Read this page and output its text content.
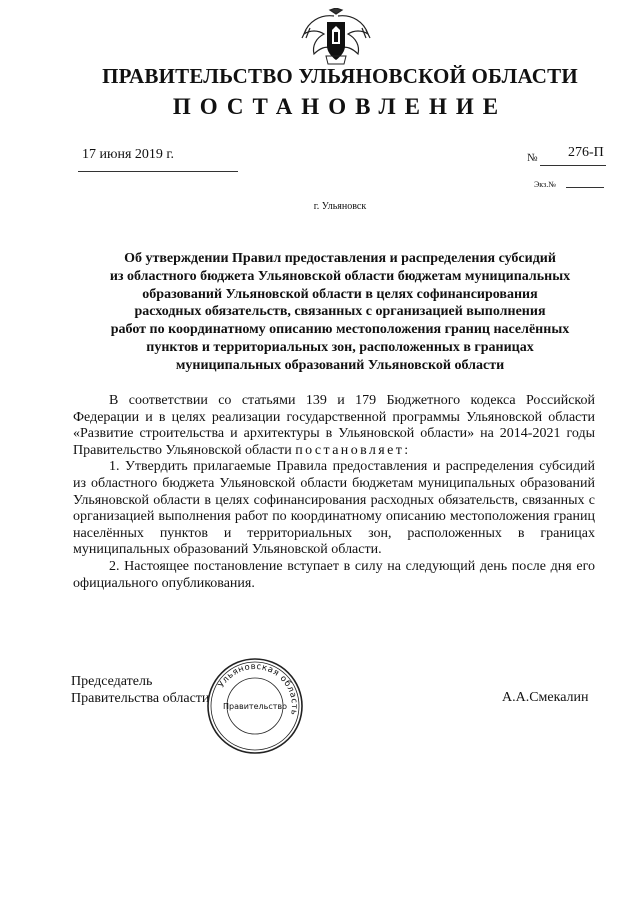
ПРАВИТЕЛЬСТВО УЛЬЯНОВСКОЙ ОБЛАСТИ
ПОСТАНОВЛЕНИЕ
17 июня 2019 г.	№ 276-П
Экз.№
г. Ульяновск
Об утверждении Правил предоставления и распределения субсидий
из областного бюджета Ульяновской области бюджетам муниципальных
образований Ульяновской области в целях софинансирования
расходных обязательств, связанных с организацией выполнения
работ по координатному описанию местоположения границ населённых
пунктов и территориальных зон, расположенных в границах
муниципальных образований Ульяновской области

В соответствии со статьями 139 и 179 Бюджетного кодекса Российской Федерации и в целях реализации государственной программы Ульяновской области «Развитие строительства и архитектуры в Ульяновской области» на 2014-2021 годы Правительство Ульяновской области постановляет:

1. Утвердить прилагаемые Правила предоставления и распределения субсидий из областного бюджета Ульяновской области бюджетам муниципальных образований Ульяновской области в целях софинансирования расходных обязательств, связанных с организацией выполнения работ по координатному описанию местоположения границ населённых пунктов и территориальных зон, расположенных в границах муниципальных образований Ульяновской области.

2. Настоящее постановление вступает в силу на следующий день после дня его официального опубликования.

Председатель
Правительства области	А.А.Смекалин
Ульяновская область
Правительство
